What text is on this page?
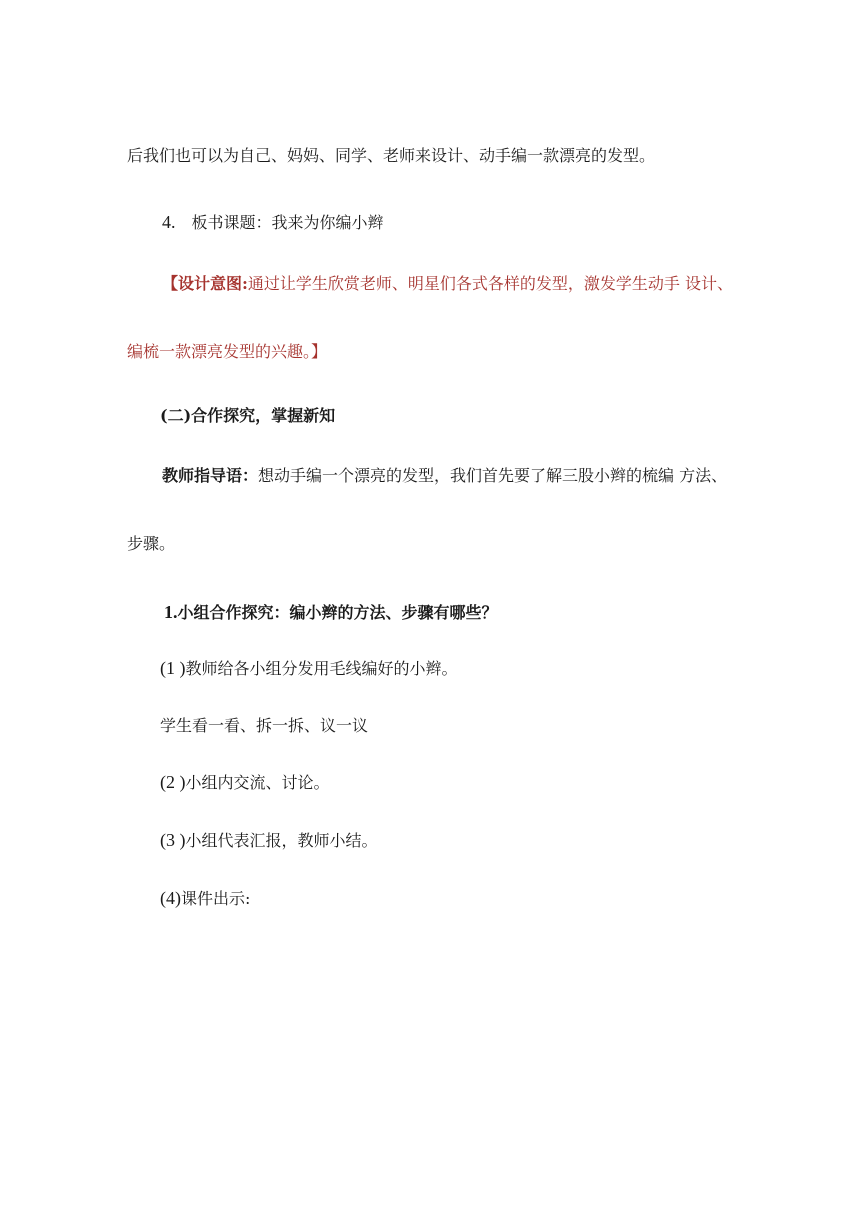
后我们也可以为自己、妈妈、同学、老师来设计、动手编一款漂亮的发型。
4. 板书课题：我来为你编小辫
【设计意图:通过让学生欣赏老师、明星们各式各样的发型，激发学生动手 设计、
编梳一款漂亮发型的兴趣。】
(二)合作探究，掌握新知
教师指导语：想动手编一个漂亮的发型，我们首先要了解三股小辫的梳编 方法、
步骤。
1.小组合作探究：编小辫的方法、步骤有哪些？
(1 )教师给各小组分发用毛线编好的小辫。
学生看一看、拆一拆、议一议
(2 )小组内交流、讨论。
(3 )小组代表汇报，教师小结。
(4)课件出示:
